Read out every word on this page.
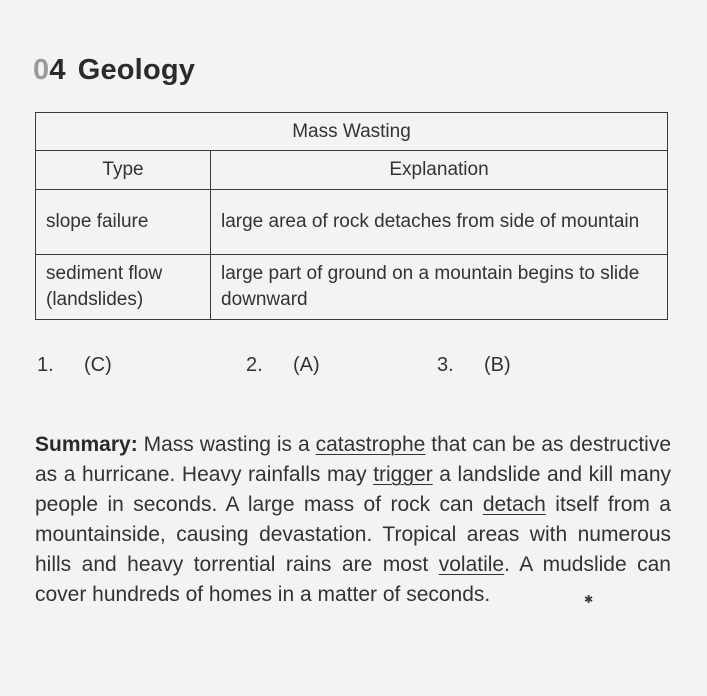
04 Geology
Mass Wasting	
Type	Explanation
slope failure	large area of rock detaches from side of mountain
sediment flow (landslides)	large part of ground on a mountain begins to slide downward
1. (C)	2. (A)	3. (B)

Summary: Mass wasting is a catastrophe that can be as destructive as a hurricane. Heavy rainfalls may trigger a landslide and kill many people in seconds. A large mass of rock can detach itself from a mountainside, causing devastation. Tropical areas with numerous hills and heavy torrential rains are most volatile. A mudslide can cover hundreds of homes in a matter of seconds.	✱
